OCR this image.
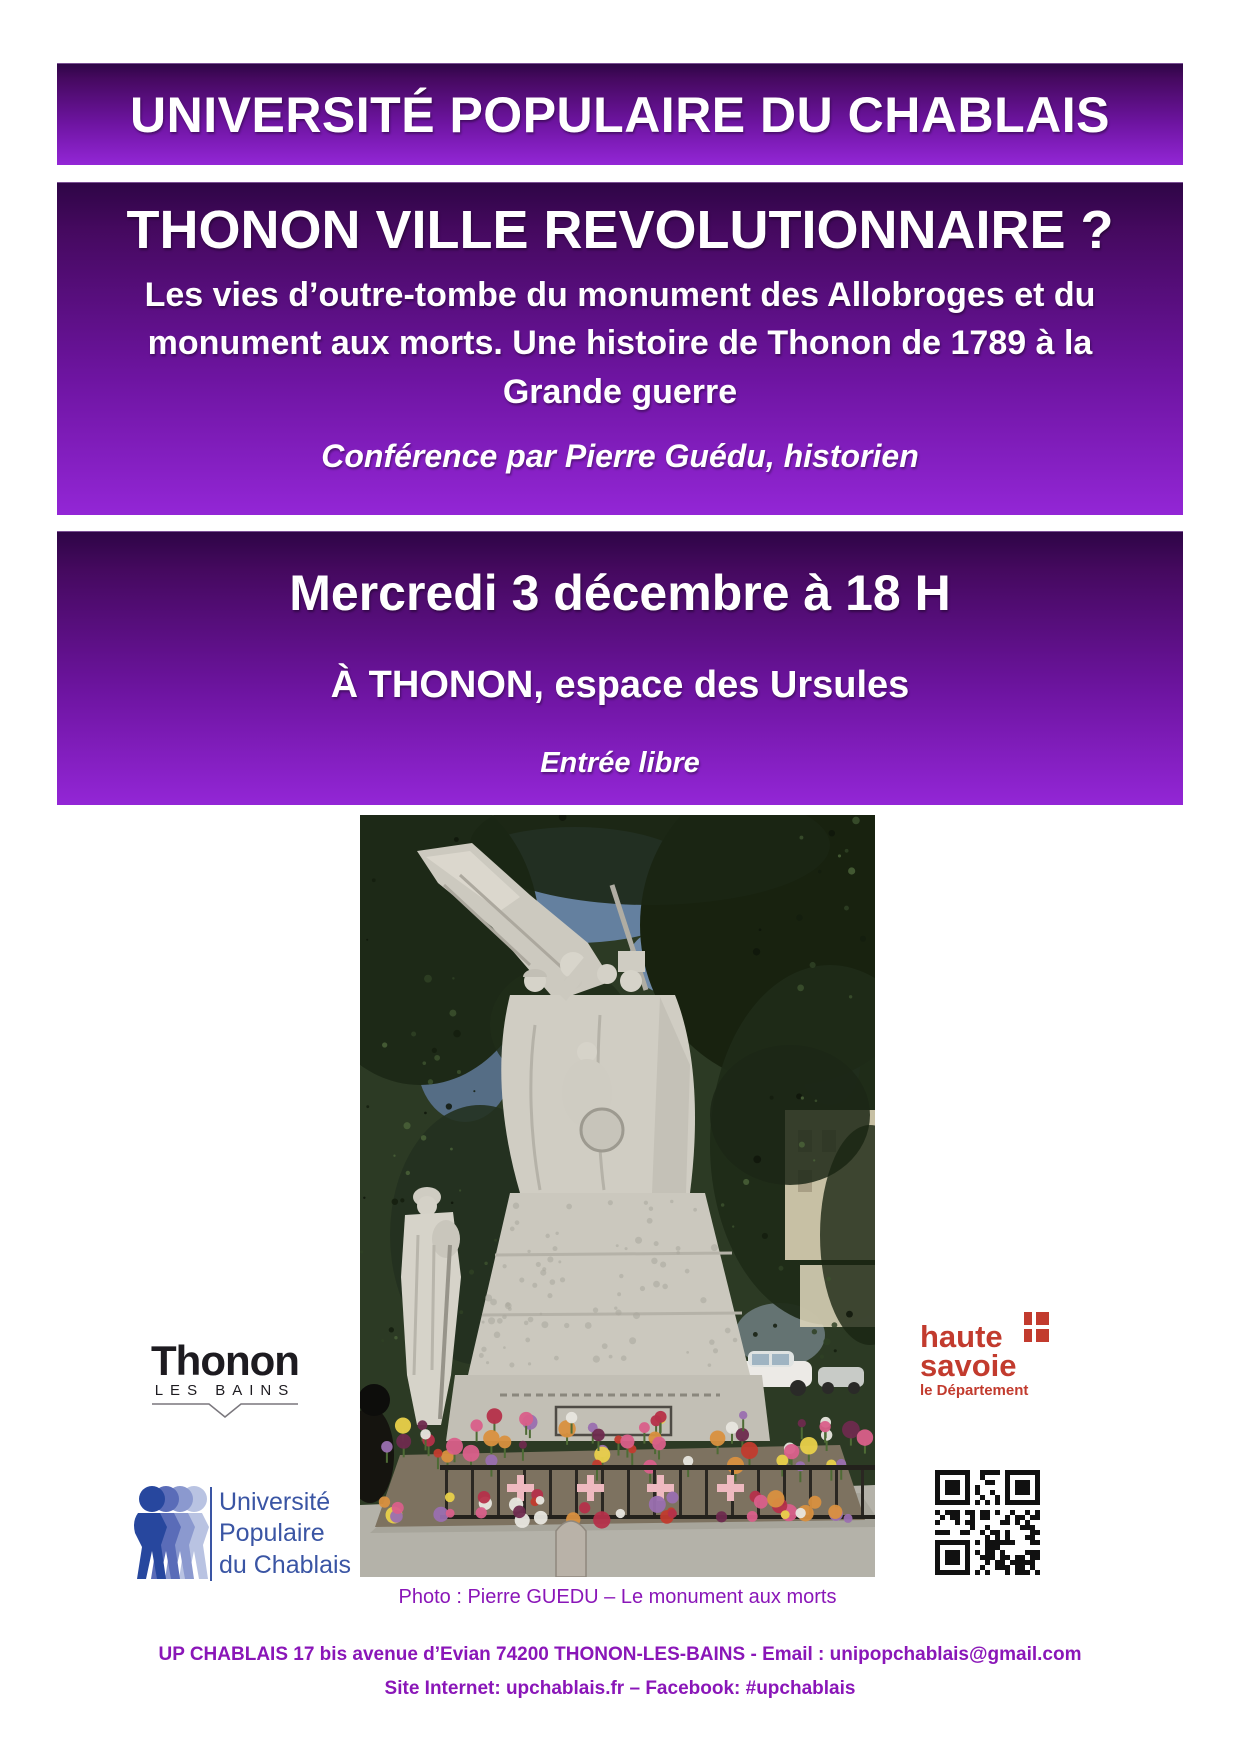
UNIVERSITÉ POPULAIRE DU CHABLAIS
THONON VILLE REVOLUTIONNAIRE ?

Les vies d’outre-tombe du monument des Allobroges et du monument aux morts. Une histoire de Thonon de 1789 à la Grande guerre

Conférence par Pierre Guédu, historien

Mercredi 3 décembre à 18 H
À THONON, espace des Ursules
Entrée libre
Photo : Pierre GUEDU – Le monument aux morts
Thonon
LES BAINS
haute
savoie
le Département
Université
Populaire
du Chablais
UP CHABLAIS 17 bis avenue d’Evian 74200 THONON-LES-BAINS - Email : unipopchablais@gmail.com
Site Internet: upchablais.fr – Facebook: #upchablais
